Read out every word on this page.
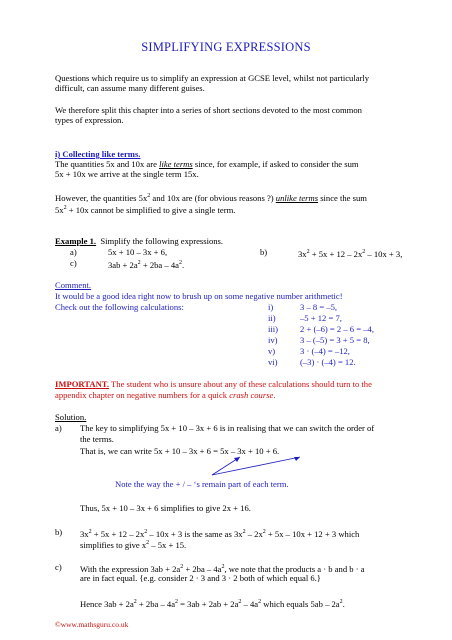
SIMPLIFYING EXPRESSIONS
Questions which require us to simplify an expression at GCSE level, whilst not particularly
difficult, can assume many different guises.
We therefore split this chapter into a series of short sections devoted to the most common
types of expression.
i) Collecting like terms.
The quantities 5x and 10x are like terms since, for example, if asked to consider the sum
5x + 10x we arrive at the single term 15x.
However, the quantities $5x^2$ and 10x are (for obvious reasons ?) unlike terms since the sum
$5x^2 + 10x$ cannot be simplified to give a single term.
Example 1. Simplify the following expressions.
a)	5x + 10 – 3x + 6,	b)	$3x^2 + 5x + 12 - 2x^2 - 10x + 3$,
c)	$3ab + 2a^2 + 2ba - 4a^2$.
Comment.
It would be a good idea right now to brush up on some negative number arithmetic!
Check out the following calculations:	i)	3 – 8 = –5,
ii)	–5 + 12 = 7,
iii)	2 + (–6) = 2 – 6 = –4,
iv)	3 – (–5) = 3 + 5 = 8,
v)	3 · (–4) = –12,
vi)	(–3) · (–4) = 12.
IMPORTANT. The student who is unsure about any of these calculations should turn to the
appendix chapter on negative numbers for a quick crash course.
Solution.
a) The key to simplifying 5x + 10 – 3x + 6 is in realising that we can switch the order of
the terms.
That is, we can write 5x + 10 – 3x + 6 = 5x – 3x + 10 + 6.
Note the way the + / – ‘s remain part of each term.
Thus, 5x + 10 – 3x + 6 simplifies to give 2x + 16.
b) $3x^2 + 5x + 12 - 2x^2 - 10x + 3$ is the same as $3x^2 - 2x^2 + 5x - 10x + 12 + 3$ which
simplifies to give $x^2 - 5x + 15$.
c) With the expression $3ab + 2a^2 + 2ba - 4a^2$, we note that the products a · b and b · a
are in fact equal. {e.g. consider 2 · 3 and 3 · 2 both of which equal 6.}
Hence $3ab + 2a^2 + 2ba - 4a^2 = 3ab + 2ab + 2a^2 - 4a^2$ which equals $5ab - 2a^2$.
©www.mathsguru.co.uk
